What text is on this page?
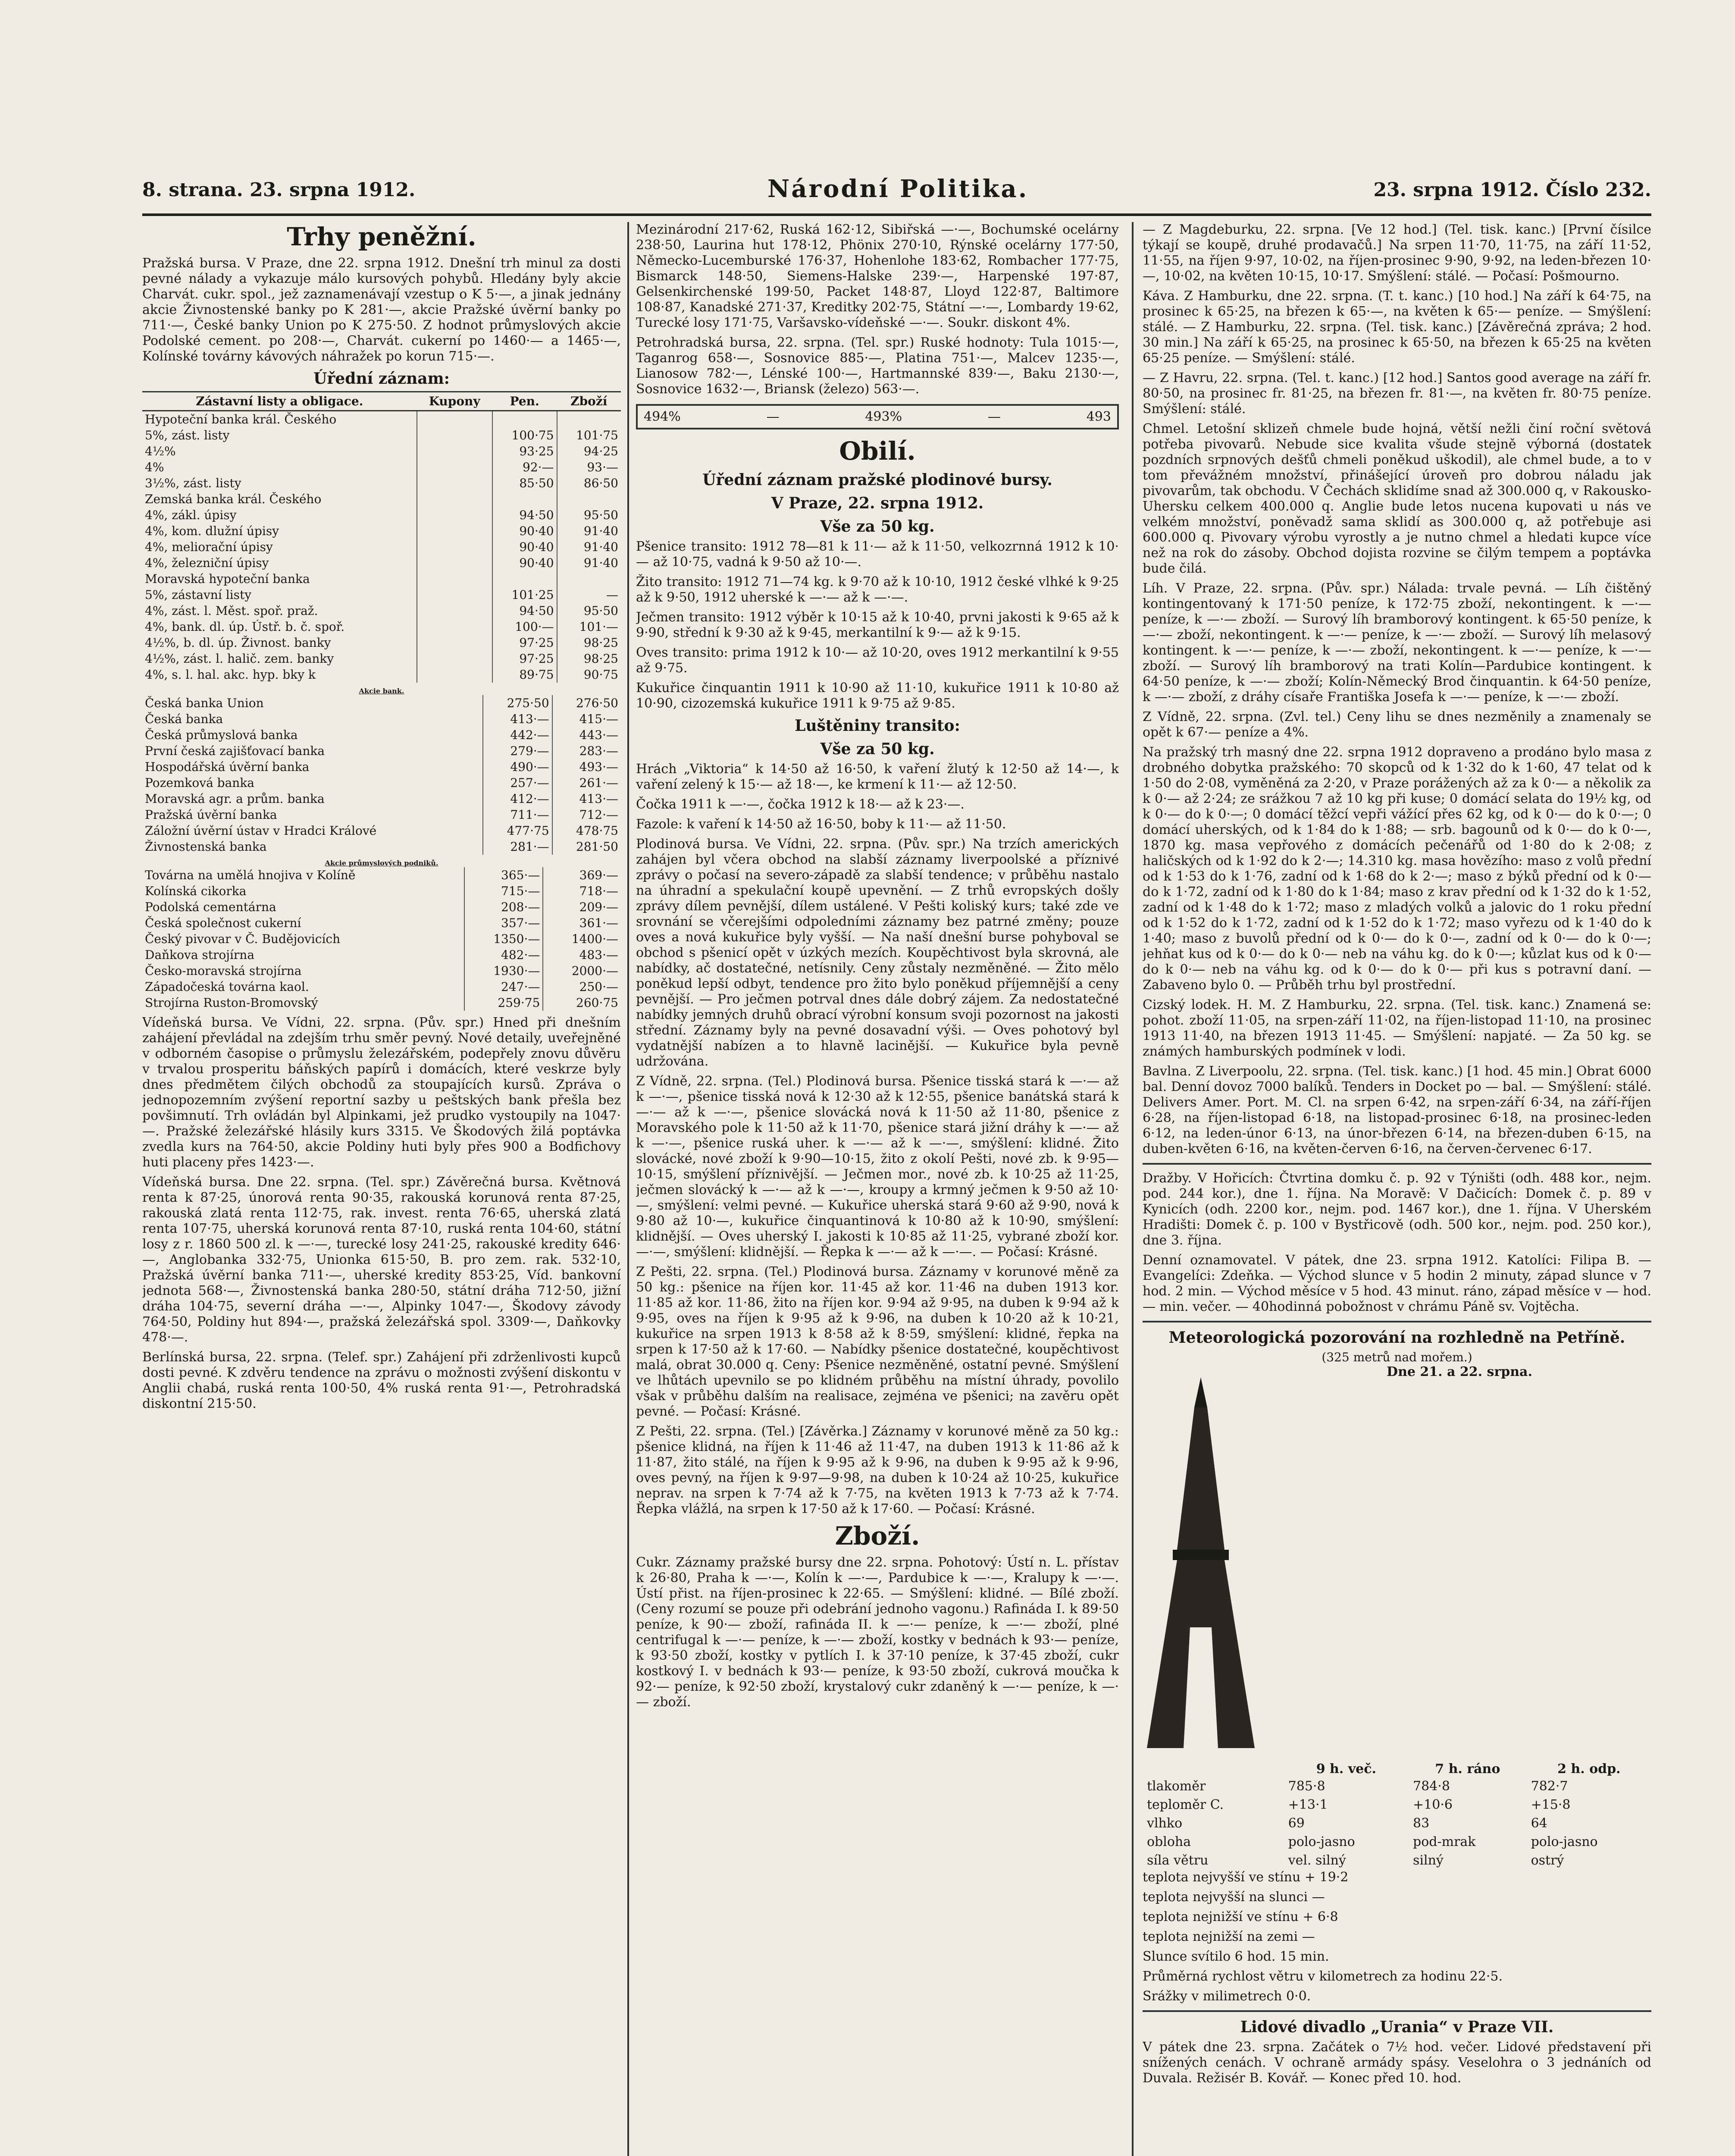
8. strana. 23. srpna 1912.	Národní Politika.	23. srpna 1912. Číslo 232.
Trhy peněžní.

Pražská bursa. V Praze, dne 22. srpna 1912. Dnešní trh minul za dosti pevné nálady a vykazuje málo kursových pohybů. Hledány byly akcie Charvát. cukr. spol., jež zaznamenávají vzestup o K 5·—, a jinak jednány akcie Živnostenské banky po K 281·—, akcie Pražské úvěrní banky po 711·—, České banky Union po K 275·50. Z hodnot průmyslových akcie Podolské cement. po 208·—, Charvát. cukerní po 1460·— a 1465·—, Kolínské továrny kávových náhražek po korun 715·—.

Úřední záznam:
Zástavní listy a obligace.	Kupony	Pen.	Zboží
Hypoteční banka král. Českého			
5%, zást. listy		100·75	101·75
4½%		93·25	94·25
4%		92·—	93·—
3½%, zást. listy		85·50	86·50
Zemská banka král. Českého			
4%, zákl. úpisy		94·50	95·50
4%, kom. dlužní úpisy		90·40	91·40
4%, meliorační úpisy		90·40	91·40
4%, železniční úpisy		90·40	91·40
Moravská hypoteční banka			
5%, zástavní listy		101·25	—
4%, zást. l. Měst. spoř. praž.		94·50	95·50
4%, bank. dl. úp. Ústř. b. č. spoř.		100·—	101·—
4½%, b. dl. úp. Živnost. banky		97·25	98·25
4½%, zást. l. halič. zem. banky		97·25	98·25
4%, s. l. hal. akc. hyp. bky k		89·75	90·75
Akcie bank.
Česká banka Union	275·50	276·50
Česká banka	413·—	415·—
Česká průmyslová banka	442·—	443·—
První česká zajišťovací banka	279·—	283·—
Hospodářská úvěrní banka	490·—	493·—
Pozemková banka	257·—	261·—
Moravská agr. a prům. banka	412·—	413·—
Pražská úvěrní banka	711·—	712·—
Záložní úvěrní ústav v Hradci Králové	477·75	478·75
Živnostenská banka	281·—	281·50
Akcie průmyslových podniků.
Továrna na umělá hnojiva v Kolíně	365·—	369·—
Kolínská cikorka	715·—	718·—
Podolská cementárna	208·—	209·—
Česká společnost cukerní	357·—	361·—
Český pivovar v Č. Budějovicích	1350·—	1400·—
Daňkova strojírna	482·—	483·—
Česko-moravská strojírna	1930·—	2000·—
Západočeská továrna kaol.	247·—	250·—
Strojírna Ruston-Bromovský	259·75	260·75

Vídeňská bursa. Ve Vídni, 22. srpna. (Pův. spr.) Hned při dnešním zahájení převládal na zdejším trhu směr pevný. Nové detaily, uveřejněné v odborném časopise o průmyslu železářském, podepřely znovu důvěru v trvalou prosperitu báňských papírů i domácích, které veskrze byly dnes předmětem čilých obchodů za stoupajících kursů. Zpráva o jednopozemním zvýšení reportní sazby u peštských bank přešla bez povšimnutí. Trh ovládán byl Alpinkami, jež prudko vystoupily na 1047·—. Pražské železářské hlásily kurs 3315. Ve Škodových žilá poptávka zvedla kurs na 764·50, akcie Poldiny huti byly přes 900 a Bodfichovy huti placeny přes 1423·—.

Vídeňská bursa. Dne 22. srpna. (Tel. spr.) Závěrečná bursa. Květnová renta k 87·25, únorová renta 90·35, rakouská korunová renta 87·25, rakouská zlatá renta 112·75, rak. invest. renta 76·65, uherská zlatá renta 107·75, uherská korunová renta 87·10, ruská renta 104·60, státní losy z r. 1860 500 zl. k —·—, turecké losy 241·25, rakouské kredity 646·—, Anglobanka 332·75, Unionka 615·50, B. pro zem. rak. 532·10, Pražská úvěrní banka 711·—, uherské kredity 853·25, Víd. bankovní jednota 568·—, Živnostenská banka 280·50, státní dráha 712·50, jižní dráha 104·75, severní dráha —·—, Alpinky 1047·—, Škodovy závody 764·50, Poldiny hut 894·—, pražská železářská spol. 3309·—, Daňkovky 478·—.

Berlínská bursa, 22. srpna. (Telef. spr.) Zahájení při zdrženlivosti kupců dosti pevné. K zdvěru tendence na zprávu o možnosti zvýšení diskontu v Anglii chabá, ruská renta 100·50, 4% ruská renta 91·—, Petrohradská diskontní 215·50.

Mezinárodní 217·62, Ruská 162·12, Sibiřská —·—, Bochumské ocelárny 238·50, Laurina hut 178·12, Phönix 270·10, Rýnské ocelárny 177·50, Německo-Lucemburské 176·37, Hohenlohe 183·62, Rombacher 177·75, Bismarck 148·50, Siemens-Halske 239·—, Harpenské 197·87, Gelsenkirchenské 199·50, Packet 148·87, Lloyd 122·87, Baltimore 108·87, Kanadské 271·37, Kreditky 202·75, Státní —·—, Lombardy 19·62, Turecké losy 171·75, Varšavsko-vídeňské —·—. Soukr. diskont 4%.

Petrohradská bursa, 22. srpna. (Tel. spr.) Ruské hodnoty: Tula 1015·—, Taganrog 658·—, Sosnovice 885·—, Platina 751·—, Malcev 1235·—, Lianosow 782·—, Lénské 100·—, Hartmannské 839·—, Baku 2130·—, Sosnovice 1632·—, Briansk (železo) 563·—.

494%	—	493%	—	493
Obilí.
Úřední záznam pražské plodinové bursy.
V Praze, 22. srpna 1912.
Vše za 50 kg.

Pšenice transito: 1912 78—81 k 11·— až k 11·50, velkozrnná 1912 k 10·— až 10·75, vadná k 9·50 až 10·—.

Žito transito: 1912 71—74 kg. k 9·70 až k 10·10, 1912 české vlhké k 9·25 až k 9·50, 1912 uherské k —·— až k —·—.

Ječmen transito: 1912 výběr k 10·15 až k 10·40, prvni jakosti k 9·65 až k 9·90, střední k 9·30 až k 9·45, merkantilní k 9·— až k 9·15.

Oves transito: prima 1912 k 10·— až 10·20, oves 1912 merkantilní k 9·55 až 9·75.

Kukuřice činquantin 1911 k 10·90 až 11·10, kukuřice 1911 k 10·80 až 10·90, cizozemská kukuřice 1911 k 9·75 až 9·85.

Luštěniny transito:
Vše za 50 kg.

Hrách „Viktoria“ k 14·50 až 16·50, k vaření žlutý k 12·50 až 14·—, k vaření zelený k 15·— až 18·—, ke krmení k 11·— až 12·50.

Čočka 1911 k —·—, čočka 1912 k 18·— až k 23·—.

Fazole: k vaření k 14·50 až 16·50, boby k 11·— až 11·50.

Plodinová bursa. Ve Vídni, 22. srpna. (Pův. spr.) Na trzích amerických zahájen byl včera obchod na slabší záznamy liverpoolské a příznivé zprávy o počasí na severo-západě za slabší tendence; v průběhu nastalo na úhradní a spekulační koupě upevnění. — Z trhů evropských došly zprávy dílem pevnější, dílem ustálené. V Pešti koliský kurs; také zde ve srovnání se včerejšími odpoledními záznamy bez patrné změny; pouze oves a nová kukuřice byly vyšší. — Na naší dnešní burse pohyboval se obchod s pšenicí opět v úzkých mezích. Koupěchtivost byla skrovná, ale nabídky, ač dostatečné, netísnily. Ceny zůstaly nezměněné. — Žito mělo poněkud lepší odbyt, tendence pro žito bylo poněkud příjemnější a ceny pevnější. — Pro ječmen potrval dnes dále dobrý zájem. Za nedostatečné nabídky jemných druhů obrací výrobní konsum svoji pozornost na jakosti střední. Záznamy byly na pevné dosavadní výši. — Oves pohotový byl vydatnější nabízen a to hlavně lacinější. — Kukuřice byla pevně udržována.

Z Vídně, 22. srpna. (Tel.) Plodinová bursa. Pšenice tisská stará k —·— až k —·—, pšenice tisská nová k 12·30 až k 12·55, pšenice banátská stará k —·— až k —·—, pšenice slovácká nová k 11·50 až 11·80, pšenice z Moravského pole k 11·50 až k 11·70, pšenice stará jižní dráhy k —·— až k —·—, pšenice ruská uher. k —·— až k —·—, smýšlení: klidné. Žito slovácké, nové zboží k 9·90—10·15, žito z okolí Pešti, nové zb. k 9·95—10·15, smýšlení příznivější. — Ječmen mor., nové zb. k 10·25 až 11·25, ječmen slovácký k —·— až k —·—, kroupy a krmný ječmen k 9·50 až 10·—, smýšlení: velmi pevné. — Kukuřice uherská stará 9·60 až 9·90, nová k 9·80 až 10·—, kukuřice činquantinová k 10·80 až k 10·90, smýšlení: klidnější. — Oves uherský I. jakosti k 10·85 až 11·25, vybrané zboží kor. —·—, smýšlení: klidnější. — Řepka k —·— až k —·—. — Počasí: Krásné.

Z Pešti, 22. srpna. (Tel.) Plodinová bursa. Záznamy v korunové měně za 50 kg.: pšenice na říjen kor. 11·45 až kor. 11·46 na duben 1913 kor. 11·85 až kor. 11·86, žito na říjen kor. 9·94 až 9·95, na duben k 9·94 až k 9·95, oves na říjen k 9·95 až k 9·96, na duben k 10·20 až k 10·21, kukuřice na srpen 1913 k 8·58 až k 8·59, smýšlení: klidné, řepka na srpen k 17·50 až k 17·60. — Nabídky pšenice dostatečné, koupěchtivost malá, obrat 30.000 q. Ceny: Pšenice nezměněné, ostatní pevné. Smýšlení ve lhůtách upevnilo se po klidném průběhu na místní úhrady, povolilo však v průběhu dalším na realisace, zejména ve pšenici; na zavěru opět pevné. — Počasí: Krásné.

Z Pešti, 22. srpna. (Tel.) [Závěrka.] Záznamy v korunové měně za 50 kg.: pšenice klidná, na říjen k 11·46 až 11·47, na duben 1913 k 11·86 až k 11·87, žito stálé, na říjen k 9·95 až k 9·96, na duben k 9·95 až k 9·96, oves pevný, na říjen k 9·97—9·98, na duben k 10·24 až 10·25, kukuřice neprav. na srpen k 7·74 až k 7·75, na květen 1913 k 7·73 až k 7·74. Řepka vlážlá, na srpen k 17·50 až k 17·60. — Počasí: Krásné.

Zboží.

Cukr. Záznamy pražské bursy dne 22. srpna. Pohotový: Ústí n. L. přístav k 26·80, Praha k —·—, Kolín k —·—, Pardubice k —·—, Kralupy k —·—. Ústí přist. na říjen-prosinec k 22·65. — Smýšlení: klidné. — Bílé zboží. (Ceny rozumí se pouze při odebrání jednoho vagonu.) Rafináda I. k 89·50 peníze, k 90·— zboží, rafináda II. k —·— peníze, k —·— zboží, plné centrifugal k —·— peníze, k —·— zboží, kostky v bednách k 93·— peníze, k 93·50 zboží, kostky v pytlích I. k 37·10 peníze, k 37·45 zboží, cukr kostkový I. v bednách k 93·— peníze, k 93·50 zboží, cukrová moučka k 92·— peníze, k 92·50 zboží, krystalový cukr zdaněný k —·— peníze, k —·— zboží.

— Z Magdeburku, 22. srpna. [Ve 12 hod.] (Tel. tisk. kanc.) [První čísilce týkají se koupě, druhé prodavačů.] Na srpen 11·70, 11·75, na září 11·52, 11·55, na říjen 9·97, 10·02, na říjen-prosinec 9·90, 9·92, na leden-březen 10·—, 10·02, na květen 10·15, 10·17. Smýšlení: stálé. — Počasí: Pošmourno.

Káva. Z Hamburku, dne 22. srpna. (T. t. kanc.) [10 hod.] Na září k 64·75, na prosinec k 65·25, na březen k 65·—, na květen k 65·— peníze. — Smýšlení: stálé. — Z Hamburku, 22. srpna. (Tel. tisk. kanc.) [Závěrečná zpráva; 2 hod. 30 min.] Na září k 65·25, na prosinec k 65·50, na březen k 65·25 na květen 65·25 peníze. — Smýšlení: stálé.

— Z Havru, 22. srpna. (Tel. t. kanc.) [12 hod.] Santos good average na září fr. 80·50, na prosinec fr. 81·25, na březen fr. 81·—, na květen fr. 80·75 peníze. Smýšlení: stálé.

Chmel. Letošní sklizeň chmele bude hojná, větší nežli činí roční světová potřeba pivovarů. Nebude sice kvalita všude stejně výborná (dostatek pozdních srpnových dešťů chmeli poněkud uškodil), ale chmel bude, a to v tom převážném množství, přinášející úroveň pro dobrou náladu jak pivovarům, tak obchodu. V Čechách sklidíme snad až 300.000 q, v Rakousko-Uhersku celkem 400.000 q. Anglie bude letos nucena kupovati u nás ve velkém množství, poněvadž sama sklidí as 300.000 q, až potřebuje asi 600.000 q. Pivovary výrobu vyrostly a je nutno chmel a hledati kupce více než na rok do zásoby. Obchod dojista rozvine se čilým tempem a poptávka bude čilá.

Líh. V Praze, 22. srpna. (Pův. spr.) Nálada: trvale pevná. — Líh čištěný kontingentovaný k 171·50 peníze, k 172·75 zboží, nekontingent. k —·— peníze, k —·— zboží. — Surový líh bramborový kontingent. k 65·50 peníze, k —·— zboží, nekontingent. k —·— peníze, k —·— zboží. — Surový líh melasový kontingent. k —·— peníze, k —·— zboží, nekontingent. k —·— peníze, k —·— zboží. — Surový líh bramborový na trati Kolín—Pardubice kontingent. k 64·50 peníze, k —·— zboží; Kolín-Německý Brod činquantin. k 64·50 peníze, k —·— zboží, z dráhy císaře Františka Josefa k —·— peníze, k —·— zboží.

Z Vídně, 22. srpna. (Zvl. tel.) Ceny lihu se dnes nezměnily a znamenaly se opět k 67·— peníze a 4%.

Na pražský trh masný dne 22. srpna 1912 dopraveno a prodáno bylo masa z drobného dobytka pražského: 70 skopců od k 1·32 do k 1·60, 47 telat od k 1·50 do 2·08, vyměněná za 2·20, v Praze porážených až za k 0·— a několik za k 0·— až 2·24; ze srážkou 7 až 10 kg při kuse; 0 domácí selata do 19½ kg, od k 0·— do k 0·—; 0 domácí těžcí vepři vážící přes 62 kg, od k 0·— do k 0·—; 0 domácí uherských, od k 1·84 do k 1·88; — srb. bagounů od k 0·— do k 0·—, 1870 kg. masa vepřového z domácích pečenářů od 1·80 do k 2·08; z haličských od k 1·92 do k 2·—; 14.310 kg. masa hovězího: maso z volů přední od k 1·53 do k 1·76, zadní od k 1·68 do k 2·—; maso z býků přední od k 0·— do k 1·72, zadní od k 1·80 do k 1·84; maso z krav přední od k 1·32 do k 1·52, zadní od k 1·48 do k 1·72; maso z mladých volků a jalovic do 1 roku přední od k 1·52 do k 1·72, zadní od k 1·52 do k 1·72; maso vyřezu od k 1·40 do k 1·40; maso z buvolů přední od k 0·— do k 0·—, zadní od k 0·— do k 0·—; jehňat kus od k 0·— do k 0·— neb na váhu kg. do k 0·—; kůzlat kus od k 0·— do k 0·— neb na váhu kg. od k 0·— do k 0·— při kus s potravní daní. — Zabaveno bylo 0. — Průběh trhu byl prostřední.

Cizský lodek. H. M. Z Hamburku, 22. srpna. (Tel. tisk. kanc.) Znamená se: pohot. zboží 11·05, na srpen-září 11·02, na říjen-listopad 11·10, na prosinec 1913 11·40, na březen 1913 11·45. — Smýšlení: napjaté. — Za 50 kg. se známých hamburských podmínek v lodi.

Bavlna. Z Liverpoolu, 22. srpna. (Tel. tisk. kanc.) [1 hod. 45 min.] Obrat 6000 bal. Denní dovoz 7000 balíků. Tenders in Docket po — bal. — Smýšlení: stálé. Delivers Amer. Port. M. Cl. na srpen 6·42, na srpen-září 6·34, na září-říjen 6·28, na říjen-listopad 6·18, na listopad-prosinec 6·18, na prosinec-leden 6·12, na leden-únor 6·13, na únor-březen 6·14, na březen-duben 6·15, na duben-květen 6·16, na květen-červen 6·16, na červen-červenec 6·17.

Dražby. V Hořicích: Čtvrtina domku č. p. 92 v Týništi (odh. 488 kor., nejm. pod. 244 kor.), dne 1. října. Na Moravě: V Dačicích: Domek č. p. 89 v Kynicích (odh. 2200 kor., nejm. pod. 1467 kor.), dne 1. října. V Uherském Hradišti: Domek č. p. 100 v Bystřicově (odh. 500 kor., nejm. pod. 250 kor.), dne 3. října.

Denní oznamovatel. V pátek, dne 23. srpna 1912. Katolíci: Filipa B. — Evangelíci: Zdeňka. — Východ slunce v 5 hodin 2 minuty, západ slunce v 7 hod. 2 min. — Východ měsíce v 5 hod. 43 minut. ráno, západ měsíce v — hod. — min. večer. — 40hodinná pobožnost v chrámu Páně sv. Vojtěcha.

Meteorologická pozorování na rozhledně na Petříně.
(325 metrů nad mořem.)
Dne 21. a 22. srpna.
	9 h. več.	7 h. ráno	2 h. odp.
tlakoměr	785·8	784·8	782·7
teploměr C.	+13·1	+10·6	+15·8
vlhko	69	83	64
obloha	polo-jasno	pod-mrak	polo-jasno
síla větru	vel. silný	silný	ostrý

teplota nejvyšší ve stínu + 19·2

teplota nejvyšší na slunci —

teplota nejnižší ve stínu + 6·8

teplota nejnižší na zemi —

Slunce svítilo 6 hod. 15 min.

Průměrná rychlost větru v kilometrech za hodinu 22·5.

Srážky v milimetrech 0·0.

Lidové divadlo „Urania“ v Praze VII.

V pátek dne 23. srpna. Začátek o 7½ hod. večer. Lidové představení při snížených cenách. V ochraně armády spásy. Veselohra o 3 jednáních od Duvala. Režisér B. Kovář. — Konec před 10. hod.
